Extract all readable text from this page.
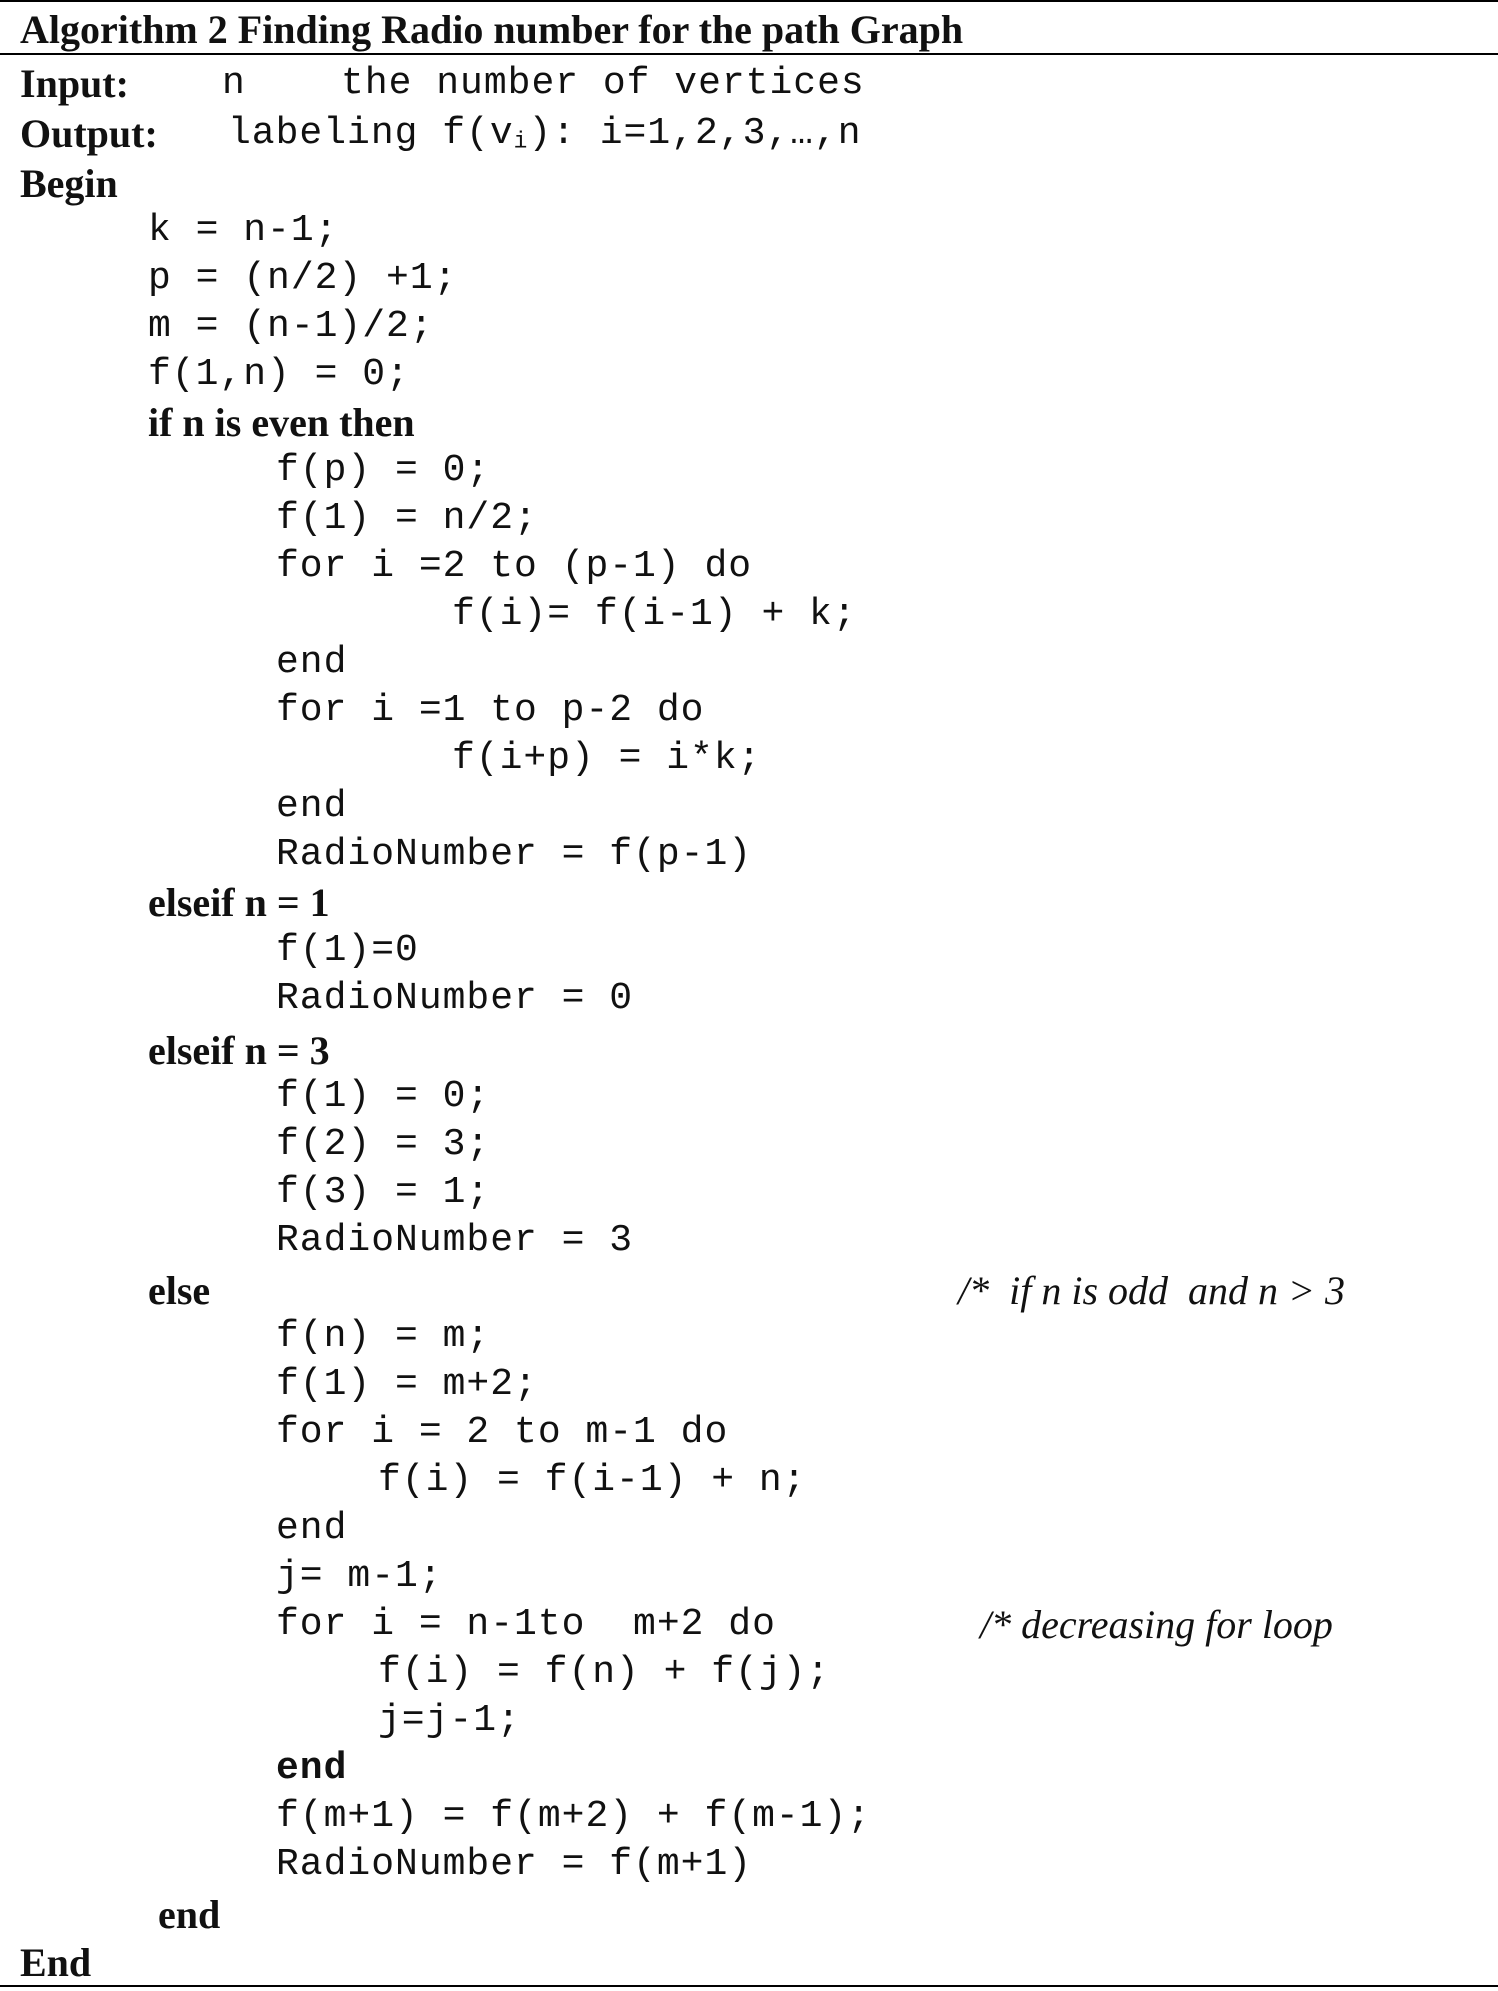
Algorithm 2 Finding Radio number for the path Graph
Input: n    the number of vertices
Output: labeling $f(v_i)$: i=1,2,3,…,n
Begin
k = n-1;
p = (n/2) +1;
m = (n-1)/2;
f(1,n) = 0;
if n is even then
f(p) = 0;
f(1) = n/2;
for i =2 to (p-1) do
f(i)= f(i-1) + k;
end
for i =1 to p-2 do
f(i+p) = i*k;
end
RadioNumber = f(p-1)
elseif n = 1
f(1)=0
RadioNumber = 0
elseif n = 3
f(1) = 0;
f(2) = 3;
f(3) = 1;
RadioNumber = 3
else	/*  if n is odd  and n > 3
f(n) = m;
f(1) = m+2;
for i = 2 to m-1 do
f(i) = f(i-1) + n;
end
j= m-1;
for i = n-1to  m+2 do	/* decreasing for loop
f(i) = f(n) + f(j);
j=j-1;
end
f(m+1) = f(m+2) + f(m-1);
RadioNumber = f(m+1)
end
End
